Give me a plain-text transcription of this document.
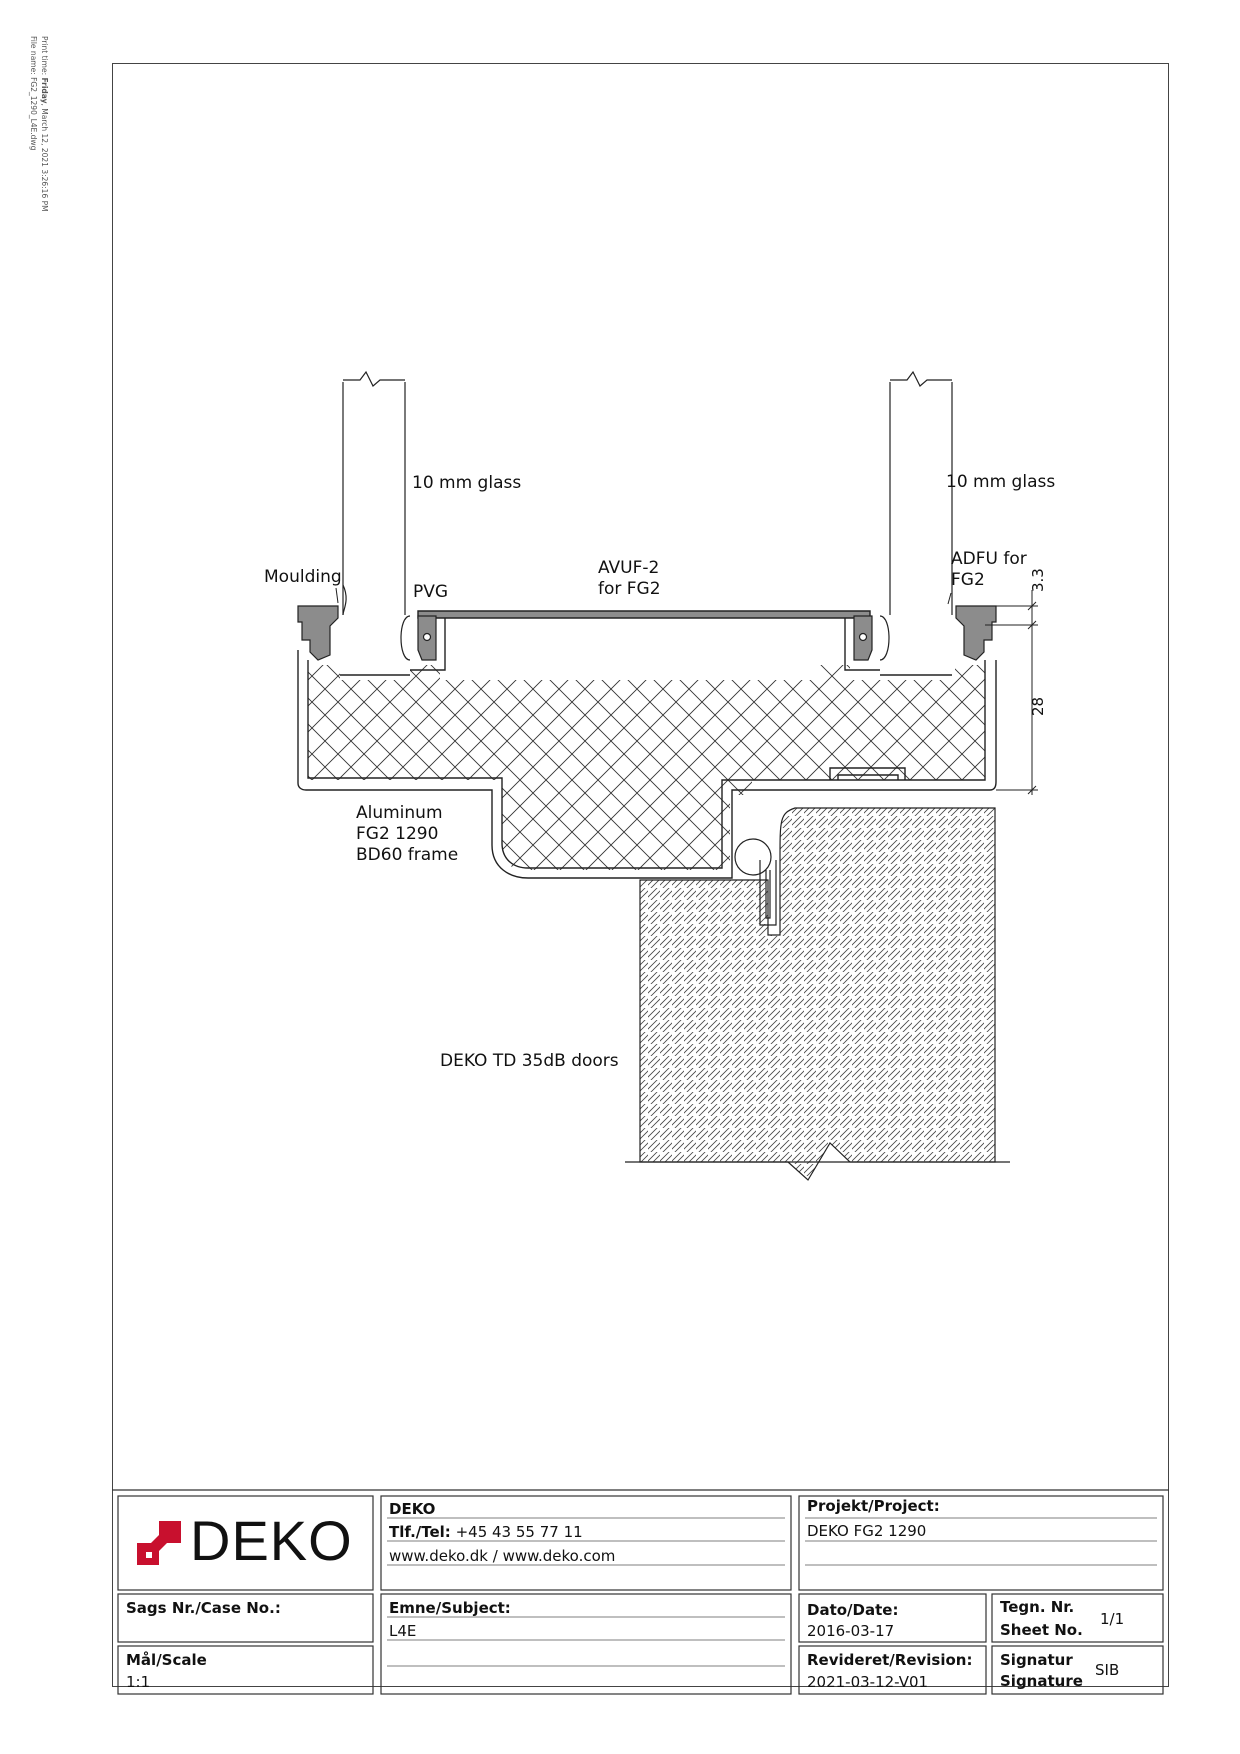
Print time: Friday, March 12, 2021 3:26:16 PM
File name: FG2_1290_L4E.dwg
10 mm glass	10 mm glass
Moulding
PVG
AVUF-2
for FG2
ADFU for
FG2
Aluminum
FG2 1290
BD60 frame
DEKO TD 35dB doors
3.3
28
DEKO DEKO
Tlf./Tel: +45 43 55 77 11
www.deko.dk / www.deko.com
Projekt/Project:
DEKO FG2 1290
Sags Nr./Case No.:	Emne/Subject:
L4E
Dato/Date:
2016-03-17
Tegn. Nr.
Sheet No.
1/1
Mål/Scale
1:1
Revideret/Revision:
2021-03-12-V01
Signatur
Signature
SIB
